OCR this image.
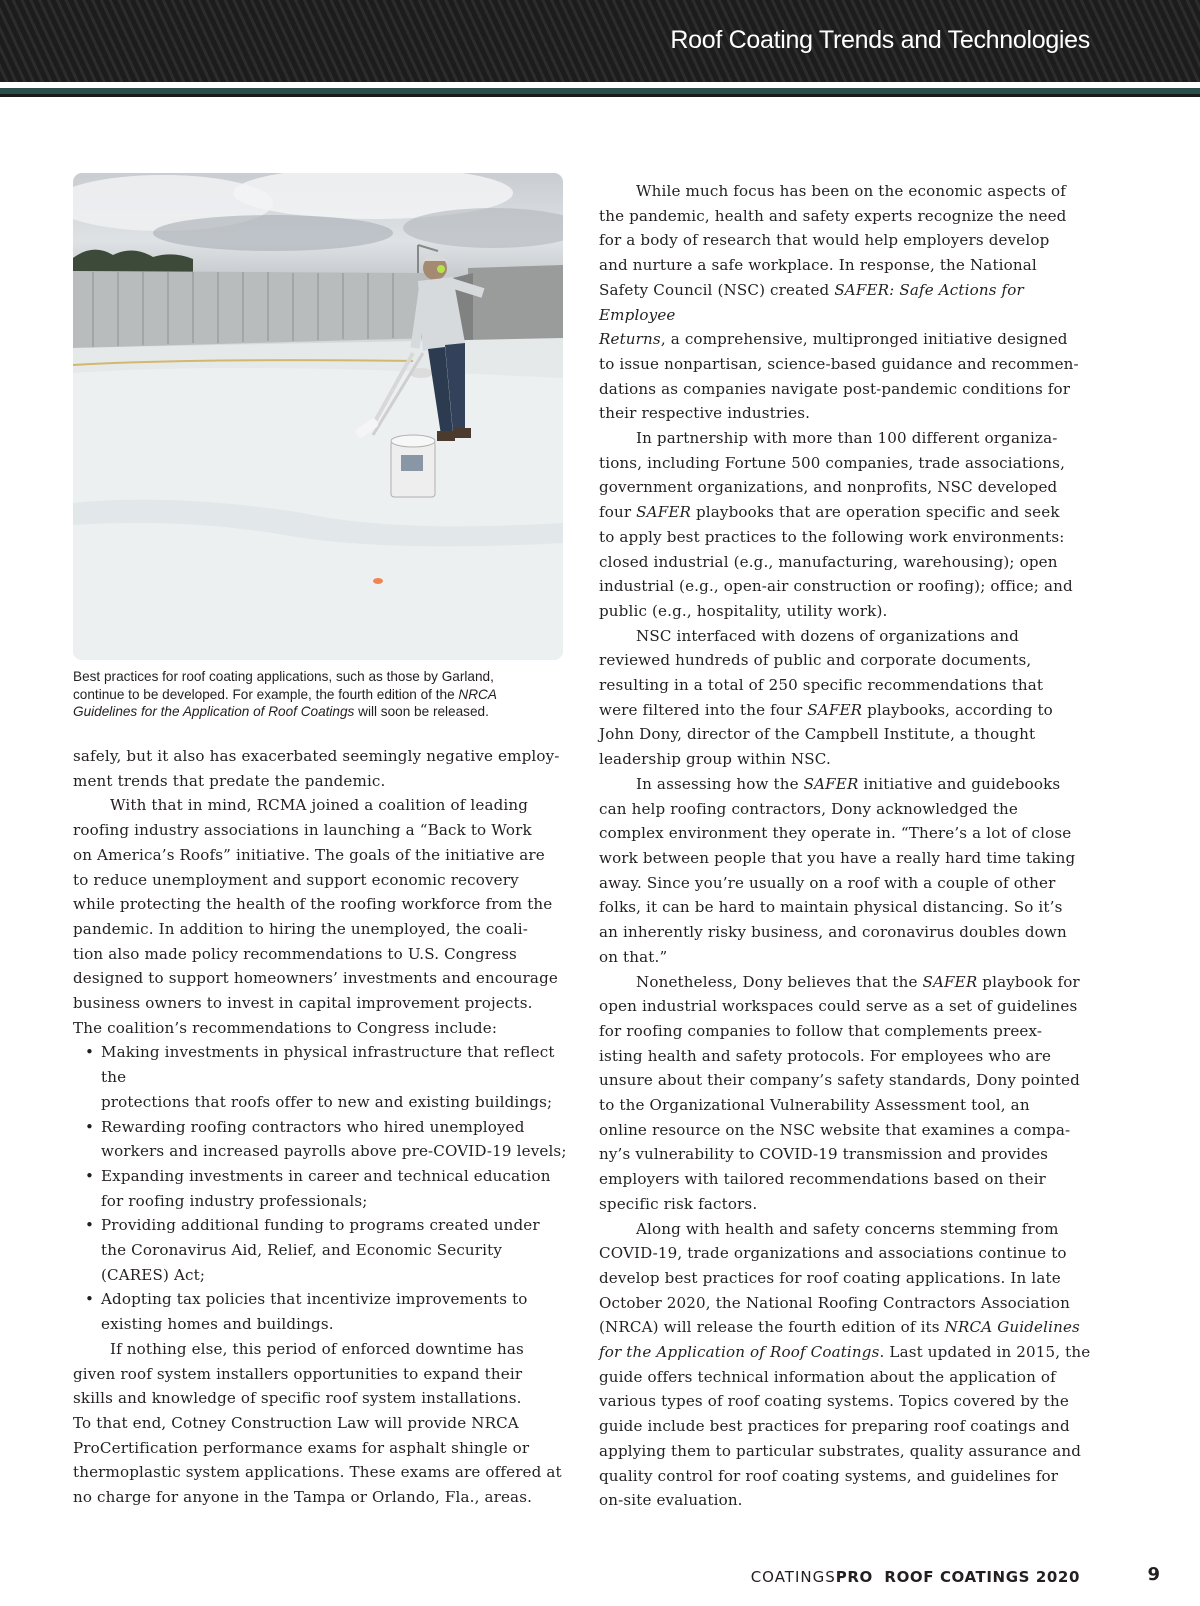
Roof Coating Trends and Technologies
Best practices for roof coating applications, such as those by Garland,
continue to be developed. For example, the fourth edition of the NRCA
Guidelines for the Application of Roof Coatings will soon be released.

safely, but it also has exacerbated seemingly negative employ-
ment trends that predate the pandemic.

With that in mind, RCMA joined a coalition of leading
roofing industry associations in launching a “Back to Work
on America’s Roofs” initiative. The goals of the initiative are
to reduce unemployment and support economic recovery
while protecting the health of the roofing workforce from the
pandemic. In addition to hiring the unemployed, the coali-
tion also made policy recommendations to U.S. Congress
designed to support homeowners’ investments and encourage
business owners to invest in capital improvement projects.
The coalition’s recommendations to Congress include:

• Making investments in physical infrastructure that reflect the
protections that roofs offer to new and existing buildings;
• Rewarding roofing contractors who hired unemployed
workers and increased payrolls above pre-COVID-19 levels;
• Expanding investments in career and technical education
for roofing industry professionals;
• Providing additional funding to programs created under
the Coronavirus Aid, Relief, and Economic Security
(CARES) Act;
• Adopting tax policies that incentivize improvements to
existing homes and buildings.

If nothing else, this period of enforced downtime has
given roof system installers opportunities to expand their
skills and knowledge of specific roof system installations.
To that end, Cotney Construction Law will provide NRCA
ProCertification performance exams for asphalt shingle or
thermoplastic system applications. These exams are offered at
no charge for anyone in the Tampa or Orlando, Fla., areas.

While much focus has been on the economic aspects of
the pandemic, health and safety experts recognize the need
for a body of research that would help employers develop
and nurture a safe workplace. In response, the National
Safety Council (NSC) created SAFER: Safe Actions for Employee
Returns, a comprehensive, multipronged initiative designed
to issue nonpartisan, science-based guidance and recommen-
dations as companies navigate post-pandemic conditions for
their respective industries.

In partnership with more than 100 different organiza-
tions, including Fortune 500 companies, trade associations,
government organizations, and nonprofits, NSC developed
four SAFER playbooks that are operation specific and seek
to apply best practices to the following work environments:
closed industrial (e.g., manufacturing, warehousing); open
industrial (e.g., open-air construction or roofing); office; and
public (e.g., hospitality, utility work).

NSC interfaced with dozens of organizations and
reviewed hundreds of public and corporate documents,
resulting in a total of 250 specific recommendations that
were filtered into the four SAFER playbooks, according to
John Dony, director of the Campbell Institute, a thought
leadership group within NSC.

In assessing how the SAFER initiative and guidebooks
can help roofing contractors, Dony acknowledged the
complex environment they operate in. “There’s a lot of close
work between people that you have a really hard time taking
away. Since you’re usually on a roof with a couple of other
folks, it can be hard to maintain physical distancing. So it’s
an inherently risky business, and coronavirus doubles down
on that.”

Nonetheless, Dony believes that the SAFER playbook for
open industrial workspaces could serve as a set of guidelines
for roofing companies to follow that complements preex-
isting health and safety protocols. For employees who are
unsure about their company’s safety standards, Dony pointed
to the Organizational Vulnerability Assessment tool, an
online resource on the NSC website that examines a compa-
ny’s vulnerability to COVID-19 transmission and provides
employers with tailored recommendations based on their
specific risk factors.

Along with health and safety concerns stemming from
COVID-19, trade organizations and associations continue to
develop best practices for roof coating applications. In late
October 2020, the National Roofing Contractors Association
(NRCA) will release the fourth edition of its NRCA Guidelines
for the Application of Roof Coatings. Last updated in 2015, the
guide offers technical information about the application of
various types of roof coating systems. Topics covered by the
guide include best practices for preparing roof coatings and
applying them to particular substrates, quality assurance and
quality control for roof coating systems, and guidelines for
on-site evaluation.

COATINGSPRO ROOF COATINGS 2020	9
